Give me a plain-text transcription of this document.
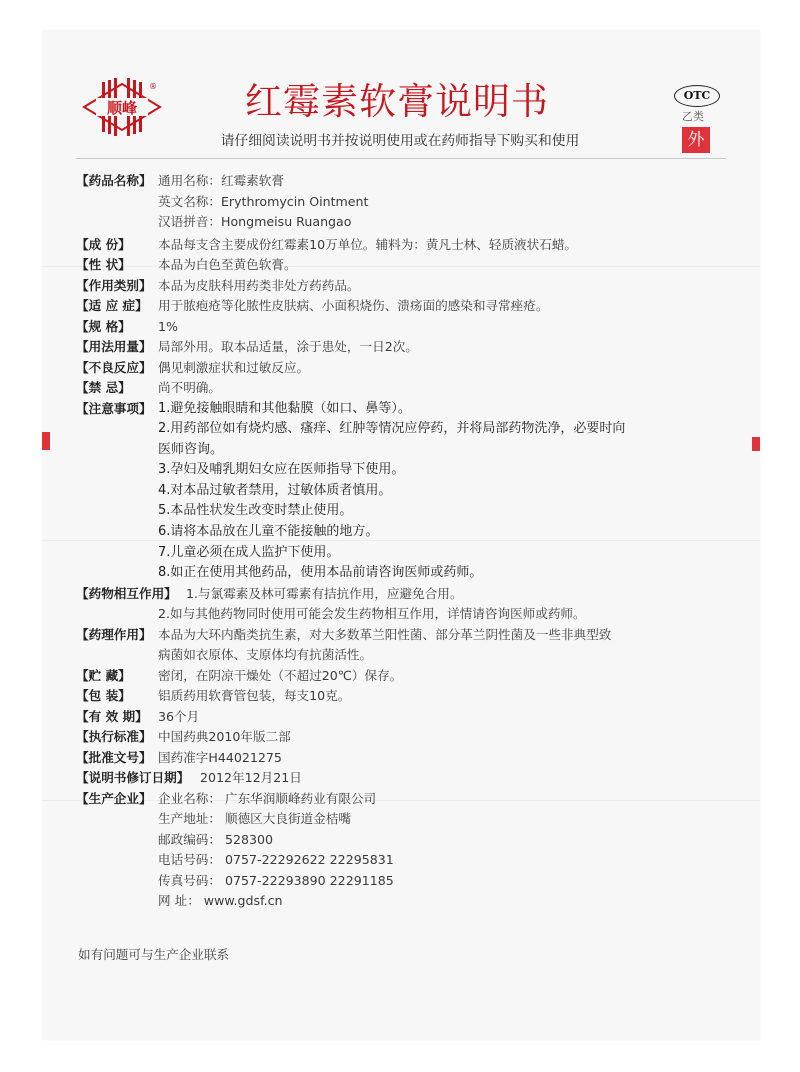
顺峰
® 红霉素软膏说明书
请仔细阅读说明书并按说明使用或在药师指导下购买和使用
OTC
乙类
外
【药品名称】 通用名称：红霉素软膏
英文名称：Erythromycin Ointment
汉语拼音：Hongmeisu Ruangao
【成 份】	本品每支含主要成份红霉素10万单位。辅料为：黄凡士林、轻质液状石蜡。
【性 状】	本品为白色至黄色软膏。
【作用类别】 本品为皮肤科用药类非处方药药品。
【适 应 症】 用于脓疱疮等化脓性皮肤病、小面积烧伤、溃疡面的感染和寻常痤疮。
【规 格】	1%
【用法用量】 局部外用。取本品适量，涂于患处，一日2次。
【不良反应】 偶见刺激症状和过敏反应。
【禁 忌】	尚不明确。
【注意事项】 1.避免接触眼睛和其他黏膜（如口、鼻等）。
2.用药部位如有烧灼感、瘙痒、红肿等情况应停药，并将局部药物洗净，必要时向
医师咨询。
3.孕妇及哺乳期妇女应在医师指导下使用。
4.对本品过敏者禁用，过敏体质者慎用。
5.本品性状发生改变时禁止使用。
6.请将本品放在儿童不能接触的地方。
7.儿童必须在成人监护下使用。
8.如正在使用其他药品，使用本品前请咨询医师或药师。
【药物相互作用】 1.与氯霉素及林可霉素有拮抗作用，应避免合用。
2.如与其他药物同时使用可能会发生药物相互作用，详情请咨询医师或药师。
【药理作用】 本品为大环内酯类抗生素，对大多数革兰阳性菌、部分革兰阴性菌及一些非典型致
病菌如衣原体、支原体均有抗菌活性。
【贮 藏】	密闭，在阴凉干燥处（不超过20℃）保存。
【包 装】	铝质药用软膏管包装，每支10克。
【有 效 期】 36个月
【执行标准】 中国药典2010年版二部
【批准文号】 国药准字H44021275
【说明书修订日期】 2012年12月21日
【生产企业】 企业名称： 广东华润顺峰药业有限公司
生产地址： 顺德区大良街道金桔嘴
邮政编码： 528300
电话号码： 0757-22292622 22295831
传真号码： 0757-22293890 22291185
网 址： www.gdsf.cn
如有问题可与生产企业联系
